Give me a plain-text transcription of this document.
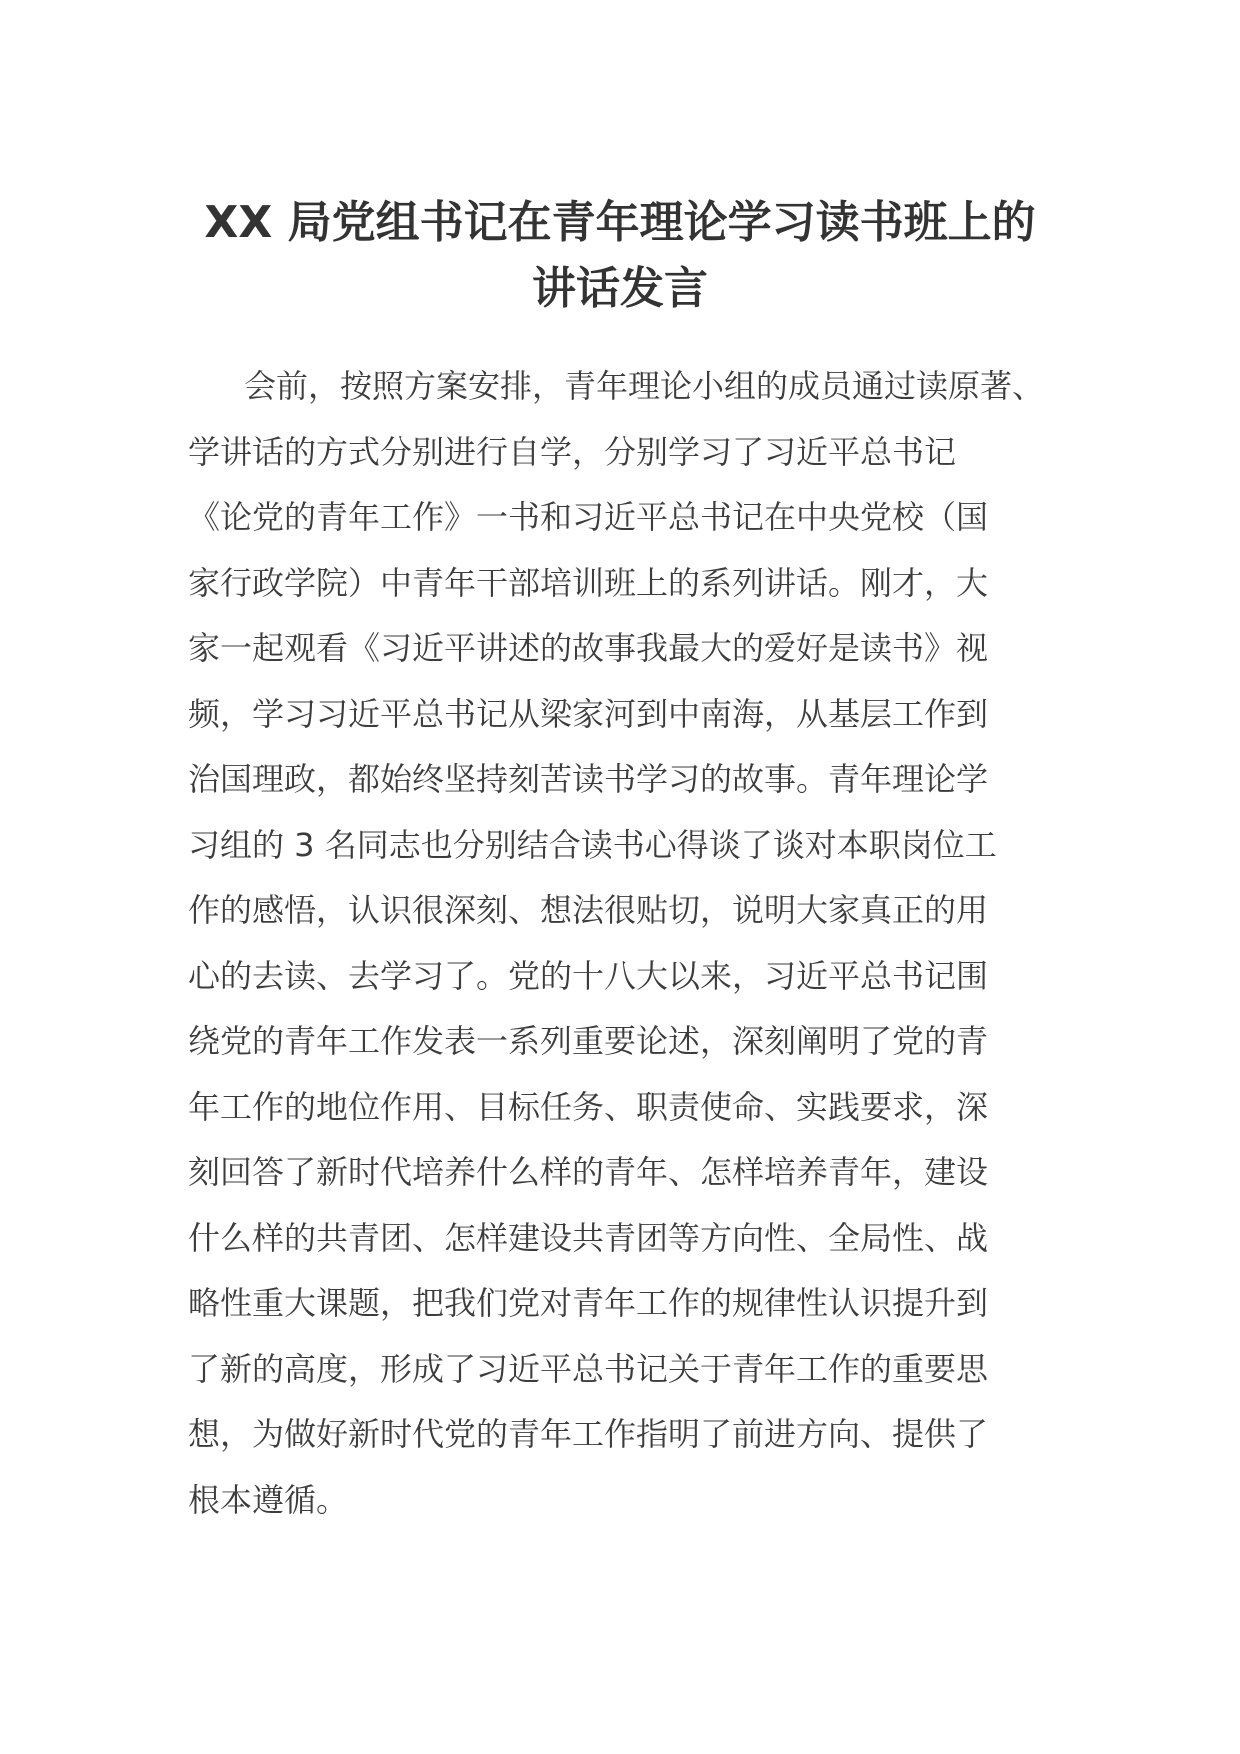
XX 局党组书记在青年理论学习读书班上的
讲话发言
会前，按照方案安排，青年理论小组的成员通过读原著、
学讲话的方式分别进行自学，分别学习了习近平总书记
《论党的青年工作》一书和习近平总书记在中央党校（国
家行政学院）中青年干部培训班上的系列讲话。刚才，大
家一起观看《习近平讲述的故事我最大的爱好是读书》视
频，学习习近平总书记从梁家河到中南海，从基层工作到
治国理政，都始终坚持刻苦读书学习的故事。青年理论学
习组的 3 名同志也分别结合读书心得谈了谈对本职岗位工
作的感悟，认识很深刻、想法很贴切，说明大家真正的用
心的去读、去学习了。党的十八大以来，习近平总书记围
绕党的青年工作发表一系列重要论述，深刻阐明了党的青
年工作的地位作用、目标任务、职责使命、实践要求，深
刻回答了新时代培养什么样的青年、怎样培养青年，建设
什么样的共青团、怎样建设共青团等方向性、全局性、战
略性重大课题，把我们党对青年工作的规律性认识提升到
了新的高度，形成了习近平总书记关于青年工作的重要思
想，为做好新时代党的青年工作指明了前进方向、提供了
根本遵循。
